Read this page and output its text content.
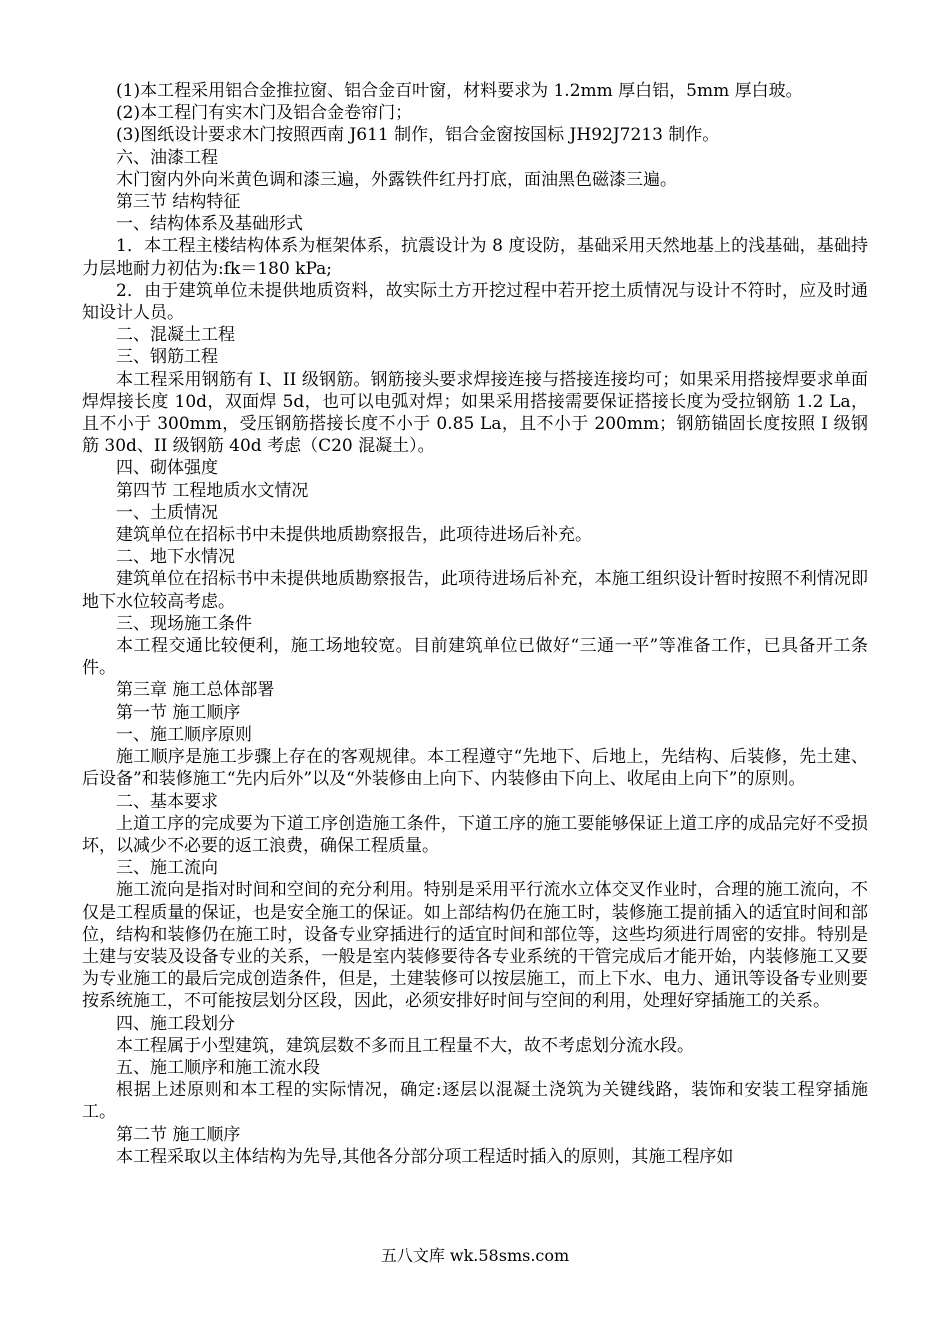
(1)本工程采用铝合金推拉窗、铝合金百叶窗，材料要求为 1.2mm 厚白铝，5mm 厚白玻。

(2)本工程门有实木门及铝合金卷帘门；

(3)图纸设计要求木门按照西南 J611 制作，铝合金窗按国标 JH92J7213 制作。

六、油漆工程

木门窗内外向米黄色调和漆三遍，外露铁件红丹打底，面油黑色磁漆三遍。

第三节 结构特征

一、结构体系及基础形式

1．本工程主楼结构体系为框架体系，抗震设计为 8 度设防，基础采用天然地基上的浅基础，基础持力层地耐力初估为:fk＝180 kPa;

2．由于建筑单位未提供地质资料，故实际土方开挖过程中若开挖土质情况与设计不符时，应及时通知设计人员。

二、混凝土工程

三、钢筋工程

本工程采用钢筋有 I、II 级钢筋。钢筋接头要求焊接连接与搭接连接均可；如果采用搭接焊要求单面焊焊接长度 10d，双面焊 5d，也可以电弧对焊；如果采用搭接需要保证搭接长度为受拉钢筋 1.2 La，且不小于 300mm，受压钢筋搭接长度不小于 0.85 La，且不小于 200mm；钢筋锚固长度按照 I 级钢筋 30d、II 级钢筋 40d 考虑（C20 混凝土）。

四、砌体强度

第四节 工程地质水文情况

一、土质情况

建筑单位在招标书中未提供地质勘察报告，此项待进场后补充。

二、地下水情况

建筑单位在招标书中未提供地质勘察报告，此项待进场后补充，本施工组织设计暂时按照不利情况即地下水位较高考虑。

三、现场施工条件

本工程交通比较便利，施工场地较宽。目前建筑单位已做好“三通一平”等准备工作，已具备开工条件。

第三章 施工总体部署

第一节 施工顺序

一、施工顺序原则

施工顺序是施工步骤上存在的客观规律。本工程遵守“先地下、后地上，先结构、后装修，先土建、后设备”和装修施工“先内后外”以及“外装修由上向下、内装修由下向上、收尾由上向下”的原则。

二、基本要求

上道工序的完成要为下道工序创造施工条件，下道工序的施工要能够保证上道工序的成品完好不受损坏，以减少不必要的返工浪费，确保工程质量。

三、施工流向

施工流向是指对时间和空间的充分利用。特别是采用平行流水立体交叉作业时，合理的施工流向，不仅是工程质量的保证，也是安全施工的保证。如上部结构仍在施工时，装修施工提前插入的适宜时间和部位，结构和装修仍在施工时，设备专业穿插进行的适宜时间和部位等，这些均须进行周密的安排。特别是土建与安装及设备专业的关系，一般是室内装修要待各专业系统的干管完成后才能开始，内装修施工又要为专业施工的最后完成创造条件，但是，土建装修可以按层施工，而上下水、电力、通讯等设备专业则要按系统施工，不可能按层划分区段，因此，必须安排好时间与空间的利用，处理好穿插施工的关系。

四、施工段划分

本工程属于小型建筑，建筑层数不多而且工程量不大，故不考虑划分流水段。

五、施工顺序和施工流水段

根据上述原则和本工程的实际情况，确定:逐层以混凝土浇筑为关键线路，装饰和安装工程穿插施工。

第二节 施工顺序

本工程采取以主体结构为先导,其他各分部分项工程适时插入的原则，其施工程序如

五八文库 wk.58sms.com
